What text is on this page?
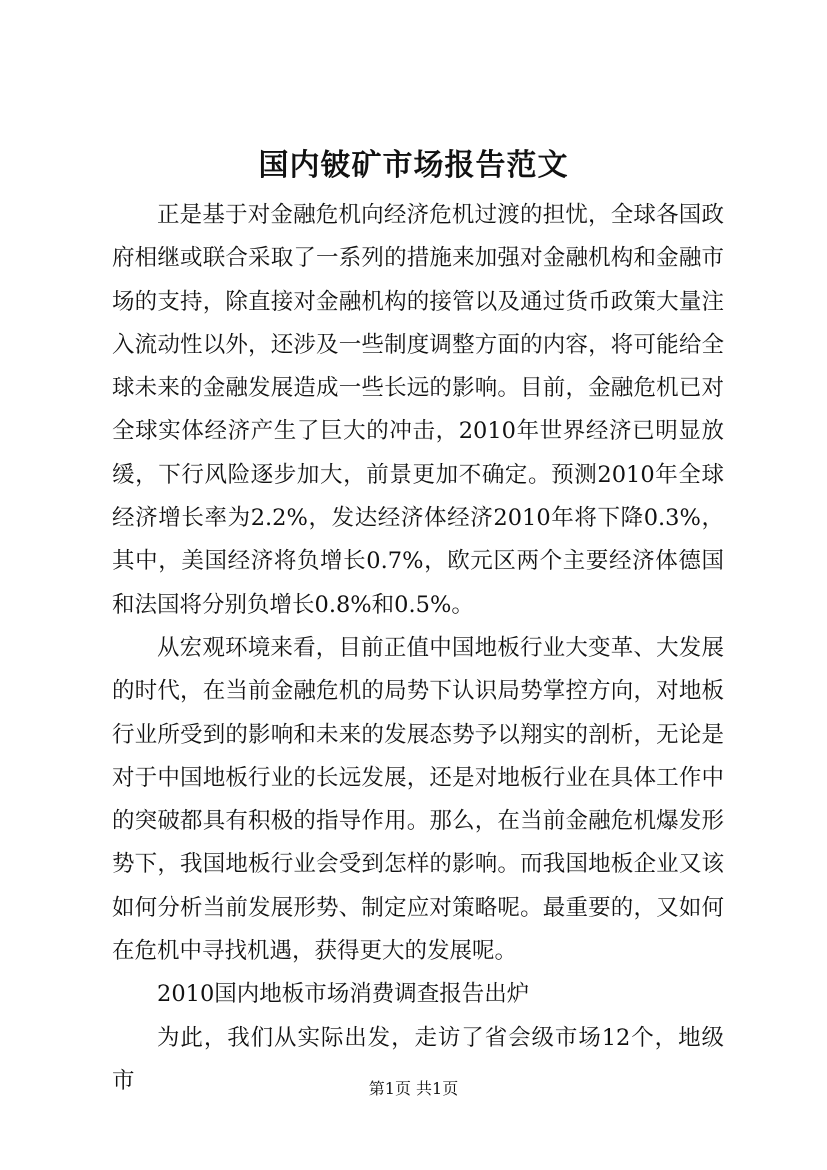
国内铍矿市场报告范文

正是基于对金融危机向经济危机过渡的担忧，全球各国政府相继或联合采取了一系列的措施来加强对金融机构和金融市场的支持，除直接对金融机构的接管以及通过货币政策大量注入流动性以外，还涉及一些制度调整方面的内容，将可能给全球未来的金融发展造成一些长远的影响。目前，金融危机已对全球实体经济产生了巨大的冲击，2010年世界经济已明显放缓，下行风险逐步加大，前景更加不确定。预测2010年全球经济增长率为2.2%，发达经济体经济2010年将下降0.3%，其中，美国经济将负增长0.7%，欧元区两个主要经济体德国和法国将分别负增长0.8%和0.5%。

从宏观环境来看，目前正值中国地板行业大变革、大发展的时代，在当前金融危机的局势下认识局势掌控方向，对地板行业所受到的影响和未来的发展态势予以翔实的剖析，无论是对于中国地板行业的长远发展，还是对地板行业在具体工作中的突破都具有积极的指导作用。那么，在当前金融危机爆发形势下，我国地板行业会受到怎样的影响。而我国地板企业又该如何分析当前发展形势、制定应对策略呢。最重要的，又如何在危机中寻找机遇，获得更大的发展呢。

2010国内地板市场消费调查报告出炉

为此，我们从实际出发，走访了省会级市场12个，地级市	第1页 共1页
